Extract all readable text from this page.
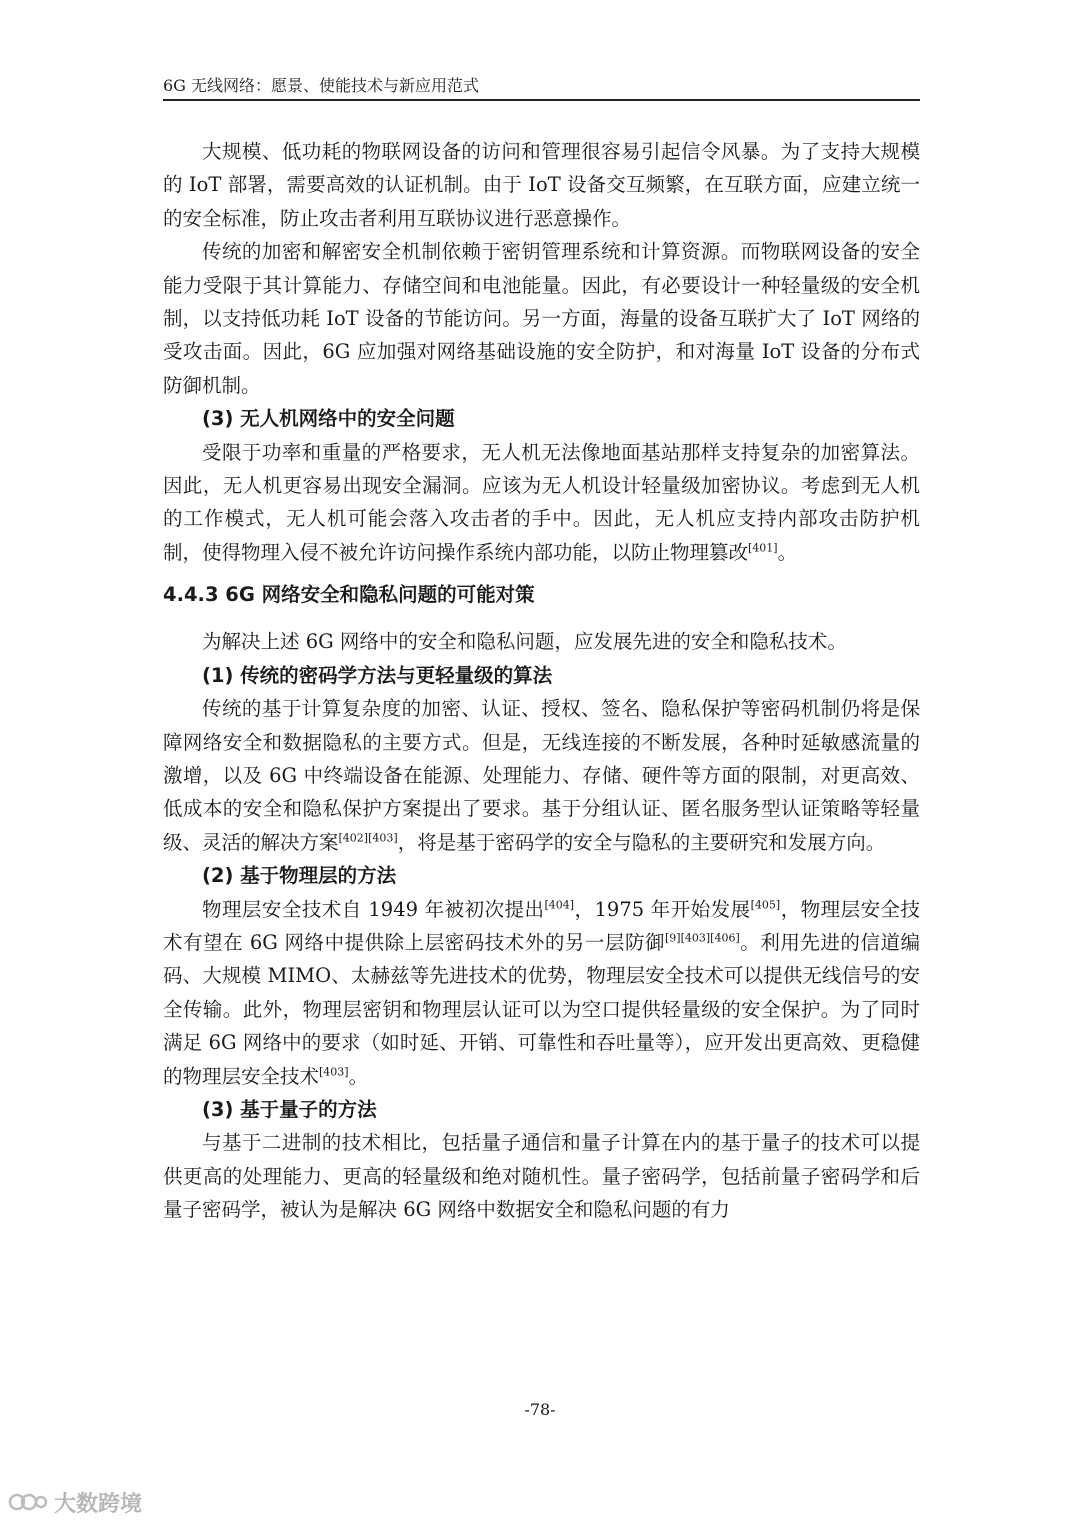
6G 无线网络：愿景、使能技术与新应用范式

大规模、低功耗的物联网设备的访问和管理很容易引起信令风暴。为了支持大规模的 IoT 部署，需要高效的认证机制。由于 IoT 设备交互频繁，在互联方面，应建立统一的安全标准，防止攻击者利用互联协议进行恶意操作。

传统的加密和解密安全机制依赖于密钥管理系统和计算资源。而物联网设备的安全能力受限于其计算能力、存储空间和电池能量。因此，有必要设计一种轻量级的安全机制，以支持低功耗 IoT 设备的节能访问。另一方面，海量的设备互联扩大了 IoT 网络的受攻击面。因此，6G 应加强对网络基础设施的安全防护，和对海量 IoT 设备的分布式防御机制。

(3) 无人机网络中的安全问题

受限于功率和重量的严格要求，无人机无法像地面基站那样支持复杂的加密算法。因此，无人机更容易出现安全漏洞。应该为无人机设计轻量级加密协议。考虑到无人机的工作模式，无人机可能会落入攻击者的手中。因此，无人机应支持内部攻击防护机制，使得物理入侵不被允许访问操作系统内部功能，以防止物理篡改[401]。

4.4.3 6G 网络安全和隐私问题的可能对策

为解决上述 6G 网络中的安全和隐私问题，应发展先进的安全和隐私技术。

(1) 传统的密码学方法与更轻量级的算法

传统的基于计算复杂度的加密、认证、授权、签名、隐私保护等密码机制仍将是保障网络安全和数据隐私的主要方式。但是，无线连接的不断发展，各种时延敏感流量的激增，以及 6G 中终端设备在能源、处理能力、存储、硬件等方面的限制，对更高效、低成本的安全和隐私保护方案提出了要求。基于分组认证、匿名服务型认证策略等轻量级、灵活的解决方案[402][403]，将是基于密码学的安全与隐私的主要研究和发展方向。

(2) 基于物理层的方法

物理层安全技术自 1949 年被初次提出[404]，1975 年开始发展[405]，物理层安全技术有望在 6G 网络中提供除上层密码技术外的另一层防御[9][403][406]。利用先进的信道编码、大规模 MIMO、太赫兹等先进技术的优势，物理层安全技术可以提供无线信号的安全传输。此外，物理层密钥和物理层认证可以为空口提供轻量级的安全保护。为了同时满足 6G 网络中的要求（如时延、开销、可靠性和吞吐量等），应开发出更高效、更稳健的物理层安全技术[403]。

(3) 基于量子的方法

与基于二进制的技术相比，包括量子通信和量子计算在内的基于量子的技术可以提供更高的处理能力、更高的轻量级和绝对随机性。量子密码学，包括前量子密码学和后量子密码学，被认为是解决 6G 网络中数据安全和隐私问题的有力

-78-
大数跨境
